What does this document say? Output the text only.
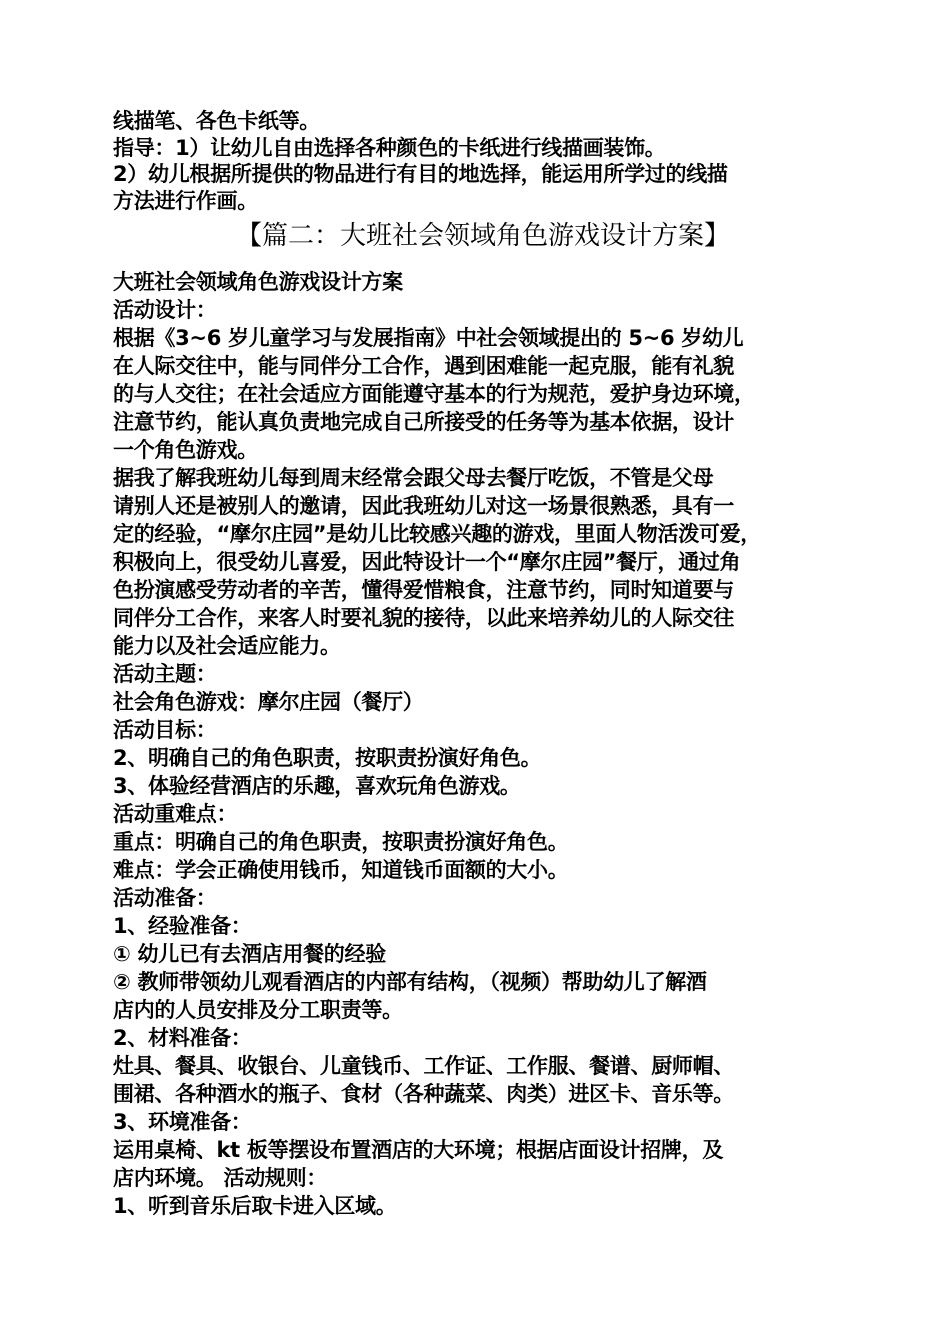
线描笔、各色卡纸等。
指导：1）让幼儿自由选择各种颜色的卡纸进行线描画装饰。
2）幼儿根据所提供的物品进行有目的地选择，能运用所学过的线描
方法进行作画。
【篇二：大班社会领域角色游戏设计方案】
大班社会领域角色游戏设计方案
活动设计：
根据《3~6 岁儿童学习与发展指南》中社会领域提出的 5~6 岁幼儿
在人际交往中，能与同伴分工合作，遇到困难能一起克服，能有礼貌
的与人交往；在社会适应方面能遵守基本的行为规范，爱护身边环境，
注意节约，能认真负责地完成自己所接受的任务等为基本依据，设计
一个角色游戏。
据我了解我班幼儿每到周末经常会跟父母去餐厅吃饭，不管是父母
请别人还是被别人的邀请，因此我班幼儿对这一场景很熟悉，具有一
定的经验，“摩尔庄园”是幼儿比较感兴趣的游戏，里面人物活泼可爱，
积极向上，很受幼儿喜爱，因此特设计一个“摩尔庄园”餐厅，通过角
色扮演感受劳动者的辛苦，懂得爱惜粮食，注意节约，同时知道要与
同伴分工合作，来客人时要礼貌的接待，以此来培养幼儿的人际交往
能力以及社会适应能力。
活动主题：
社会角色游戏：摩尔庄园（餐厅）
活动目标：
2、明确自己的角色职责，按职责扮演好角色。
3、体验经营酒店的乐趣，喜欢玩角色游戏。
活动重难点：
重点：明确自己的角色职责，按职责扮演好角色。
难点：学会正确使用钱币，知道钱币面额的大小。
活动准备：
1、经验准备：
① 幼儿已有去酒店用餐的经验
② 教师带领幼儿观看酒店的内部有结构，（视频）帮助幼儿了解酒
店内的人员安排及分工职责等。
2、材料准备：
灶具、餐具、收银台、儿童钱币、工作证、工作服、餐谱、厨师帽、
围裙、各种酒水的瓶子、食材（各种蔬菜、肉类）进区卡、音乐等。
3、环境准备：
运用桌椅、kt 板等摆设布置酒店的大环境；根据店面设计招牌，及
店内环境。 活动规则：
1、听到音乐后取卡进入区域。
